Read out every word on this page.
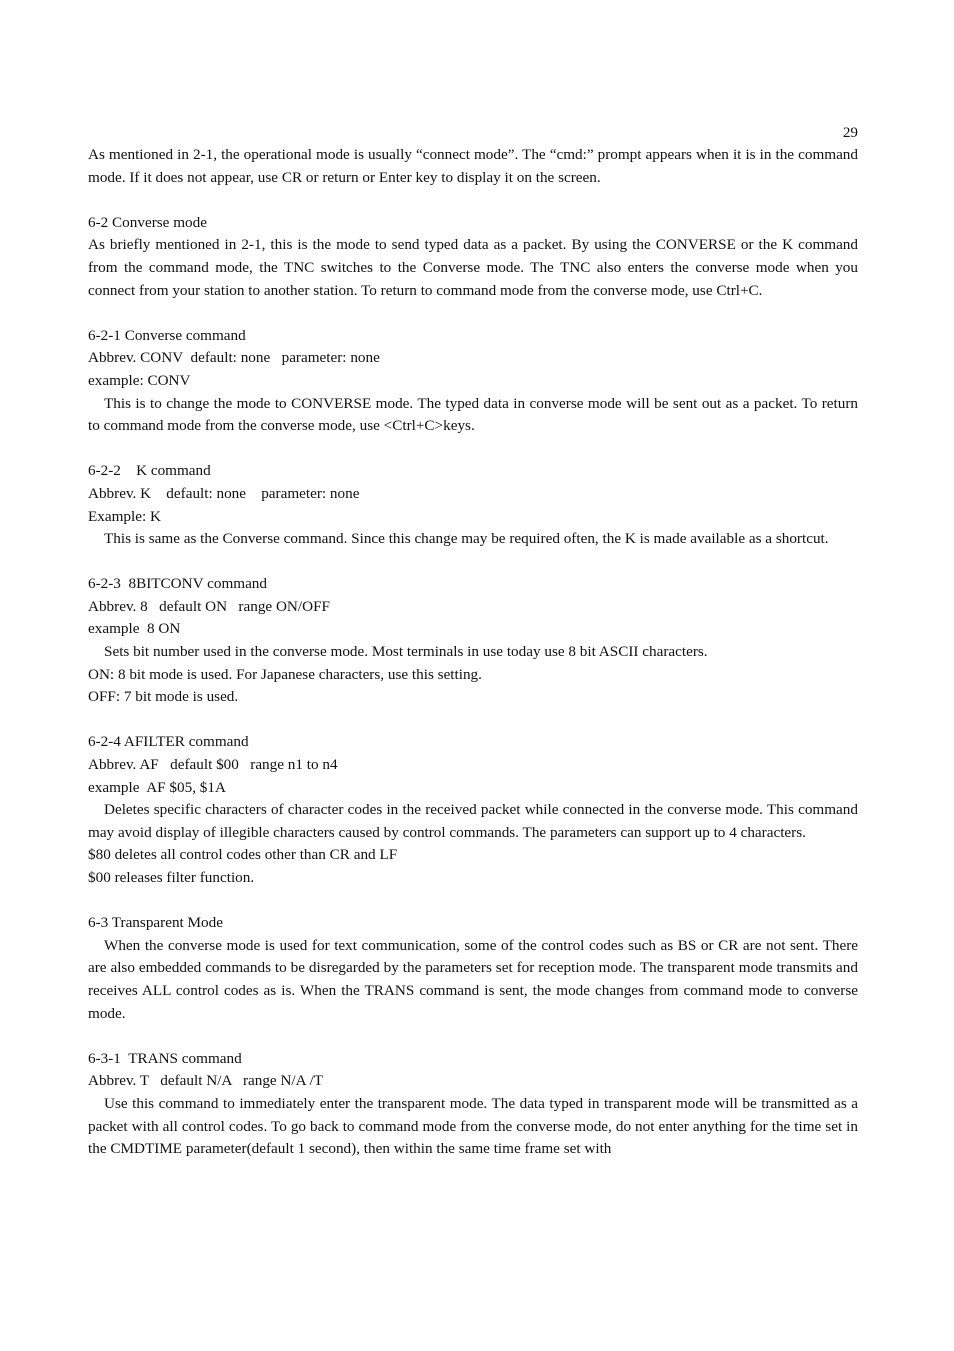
29
As mentioned in 2-1, the operational mode is usually “connect mode”. The “cmd:” prompt appears when it is in the command mode. If it does not appear, use CR or return or Enter key to display it on the screen.
6-2 Converse mode
As briefly mentioned in 2-1, this is the mode to send typed data as a packet. By using the CONVERSE or the K command from the command mode, the TNC switches to the Converse mode. The TNC also enters the converse mode when you connect from your station to another station. To return to command mode from the converse mode, use Ctrl+C.
6-2-1 Converse command
Abbrev. CONV  default: none   parameter: none
example: CONV
This is to change the mode to CONVERSE mode. The typed data in converse mode will be sent out as a packet. To return to command mode from the converse mode, use <Ctrl+C>keys.
6-2-2    K command
Abbrev. K    default: none    parameter: none
Example: K
This is same as the Converse command. Since this change may be required often, the K is made available as a shortcut.
6-2-3  8BITCONV command
Abbrev. 8   default ON   range ON/OFF
example  8 ON
Sets bit number used in the converse mode. Most terminals in use today use 8 bit ASCII characters.
ON: 8 bit mode is used. For Japanese characters, use this setting.
OFF: 7 bit mode is used.
6-2-4 AFILTER command
Abbrev. AF   default $00   range n1 to n4
example  AF $05, $1A
Deletes specific characters of character codes in the received packet while connected in the converse mode. This command may avoid display of illegible characters caused by control commands. The parameters can support up to 4 characters.
$80 deletes all control codes other than CR and LF
$00 releases filter function.
6-3 Transparent Mode
When the converse mode is used for text communication, some of the control codes such as BS or CR are not sent. There are also embedded commands to be disregarded by the parameters set for reception mode. The transparent mode transmits and receives ALL control codes as is. When the TRANS command is sent, the mode changes from command mode to converse mode.
6-3-1  TRANS command
Abbrev. T   default N/A   range N/A /T
Use this command to immediately enter the transparent mode. The data typed in transparent mode will be transmitted as a packet with all control codes. To go back to command mode from the converse mode, do not enter anything for the time set in the CMDTIME parameter(default 1 second), then within the same time frame set with
